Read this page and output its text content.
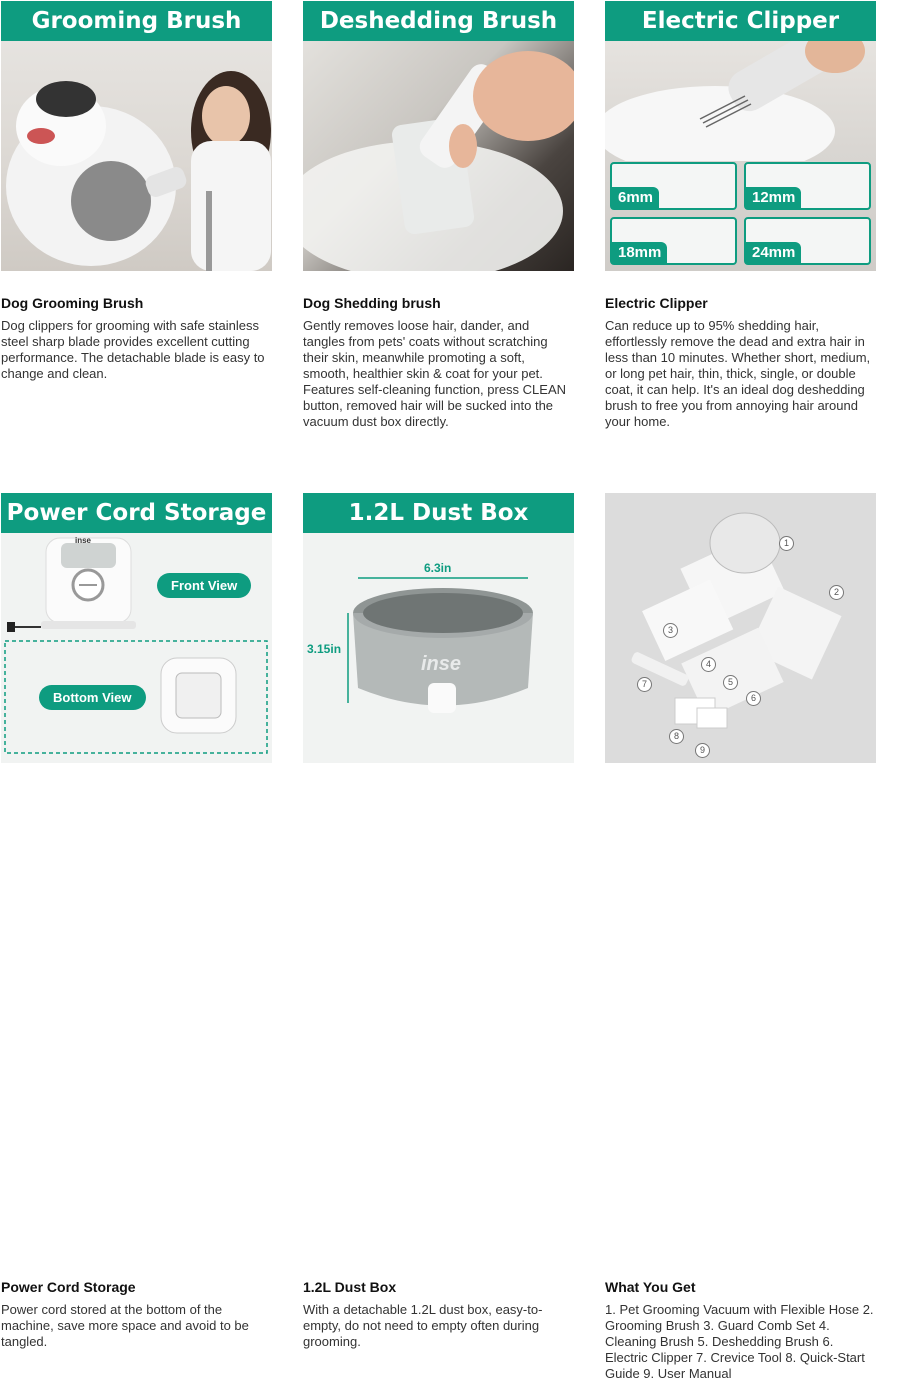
Grooming Brush
Dog Grooming Brush
Dog clippers for grooming with safe stainless steel sharp blade provides excellent cutting performance. The detachable blade is easy to change and clean.
Deshedding Brush
Dog Shedding brush
Gently removes loose hair, dander, and tangles from pets' coats without scratching their skin, meanwhile promoting a soft, smooth, healthier skin & coat for your pet. Features self-cleaning function, press CLEAN button, removed hair will be sucked into the vacuum dust box directly.
6mm	12mm
18mm	24mm
Electric Clipper
Electric Clipper
Can reduce up to 95% shedding hair, effortlessly remove the dead and extra hair in less than 10 minutes. Whether short, medium, or long pet hair, thin, thick, single, or double coat, it can help. It's an ideal dog deshedding brush to free you from annoying hair around your home.
Front View
Bottom View
inse
Power Cord Storage
Power Cord Storage
Power cord stored at the bottom of the machine, save more space and avoid to be tangled.
6.3in
3.15in
inse
1.2L Dust Box
1.2L Dust Box
With a detachable 1.2L dust box, easy-to-empty, do not need to empty often during grooming.
1
2
3
4
5
6
7
8
9
What You Get
1. Pet Grooming Vacuum with Flexible Hose 2. Grooming Brush 3. Guard Comb Set 4. Cleaning Brush 5. Deshedding Brush 6. Electric Clipper 7. Crevice Tool 8. Quick-Start Guide 9. User Manual
